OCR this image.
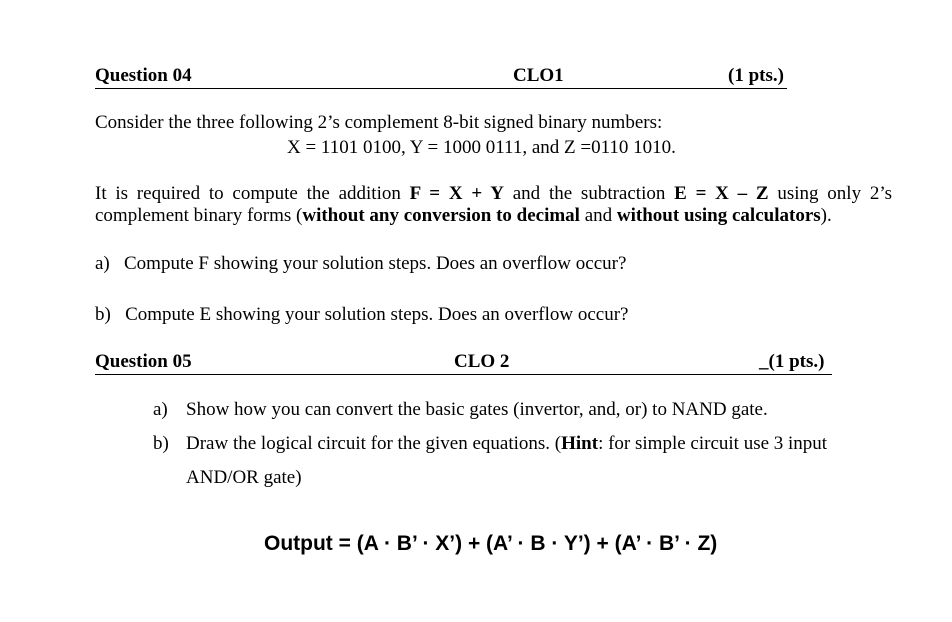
Question 04	CLO1	(1 pts.)
Consider the three following 2’s complement 8-bit signed binary numbers:
X = 1101 0100, Y = 1000 0111, and Z =0110 1010.
It is required to compute the addition F = X + Y and the subtraction E = X – Z using only 2’s
complement binary forms (without any conversion to decimal and without using calculators).
a)   Compute F showing your solution steps. Does an overflow occur?
b)   Compute E showing your solution steps. Does an overflow occur?
Question 05	CLO 2	_(1 pts.)
a) Show how you can convert the basic gates (invertor, and, or) to NAND gate.
b) Draw the logical circuit for the given equations. (Hint: for simple circuit use 3 input
AND/OR gate)
Output = (A · B’ · X’) + (A’ · B · Y’) + (A’ · B’ · Z)
